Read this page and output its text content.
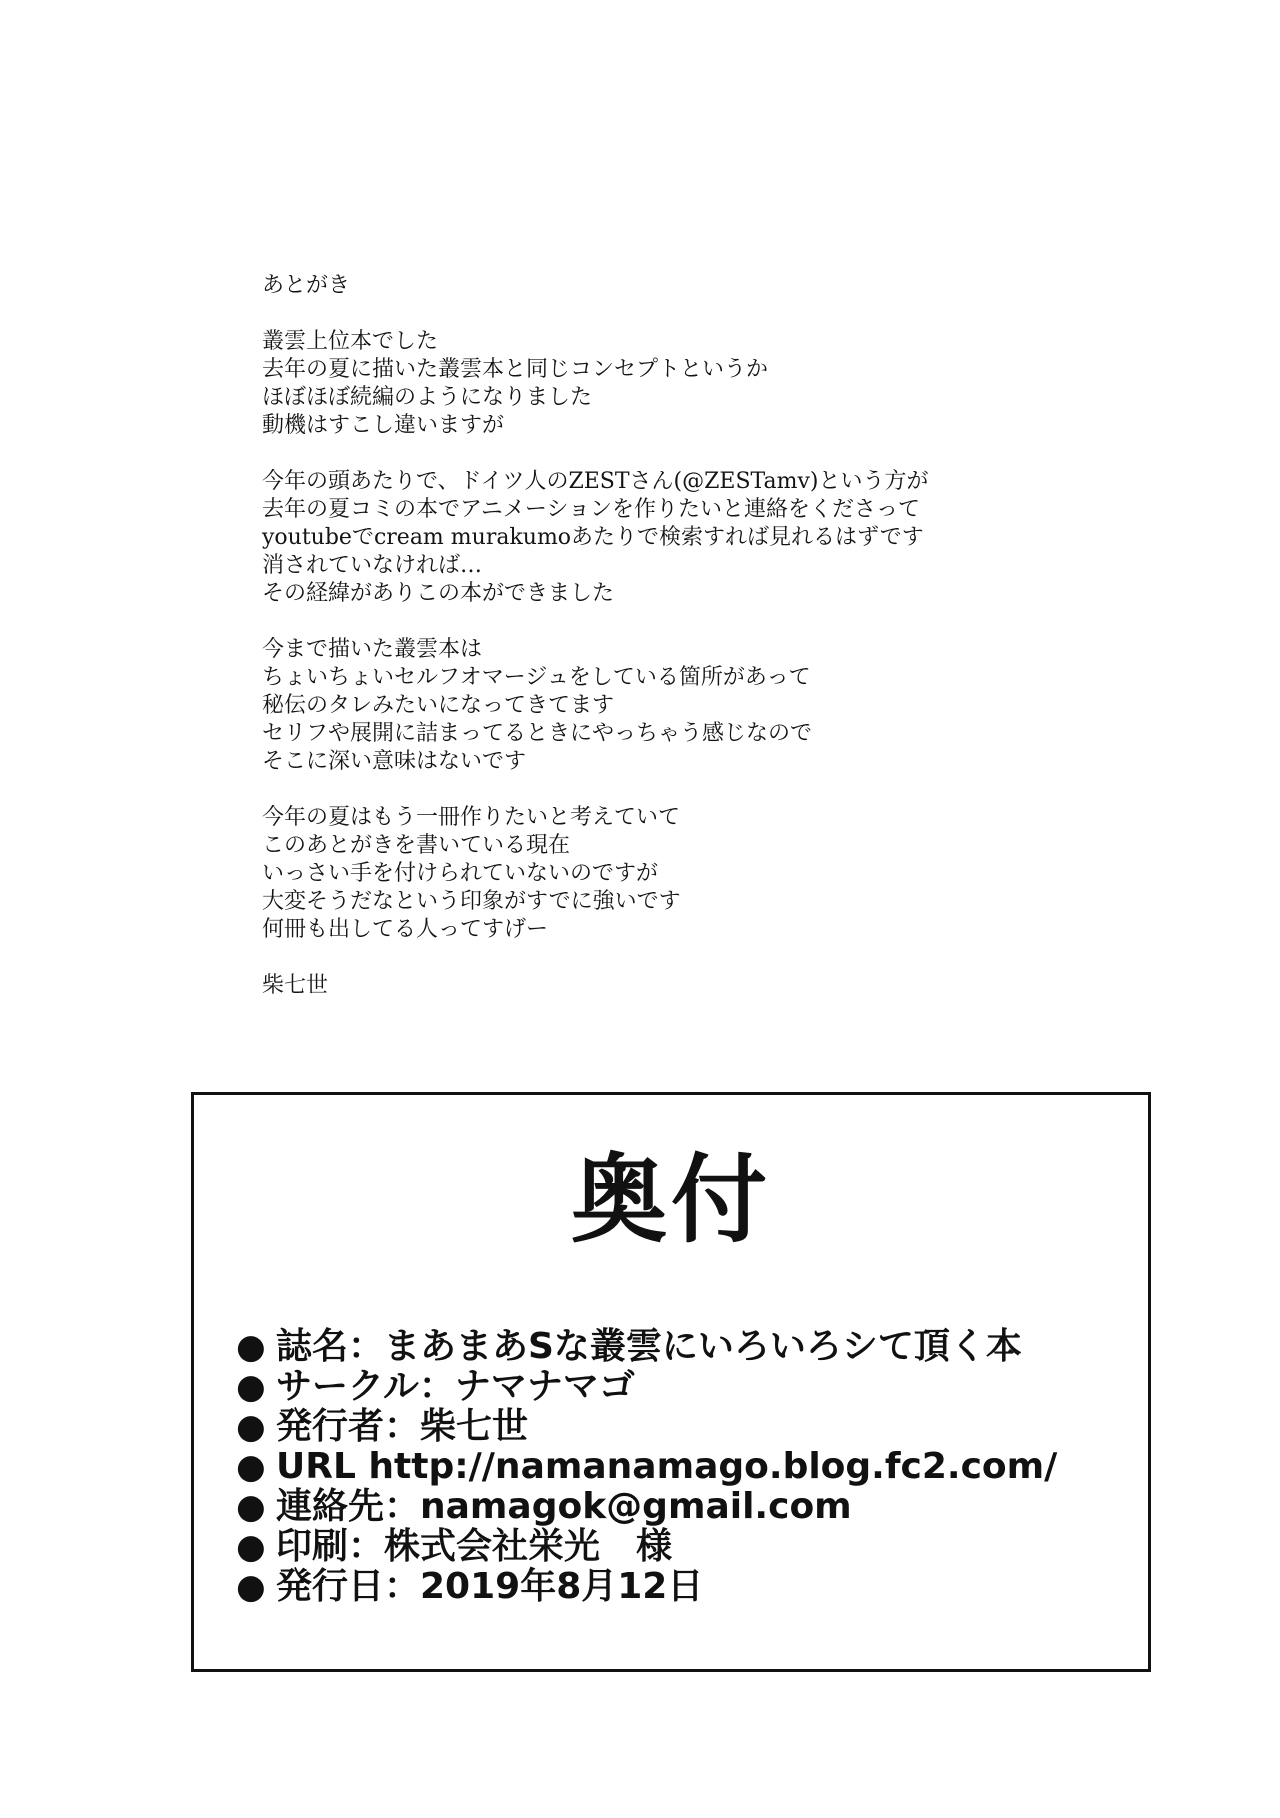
あとがき
叢雲上位本でした
去年の夏に描いた叢雲本と同じコンセプトというか
ほぼほぼ続編のようになりました
動機はすこし違いますが
今年の頭あたりで、ドイツ人のZESTさん(@ZESTamv)という方が
去年の夏コミの本でアニメーションを作りたいと連絡をくださって
youtubeでcream murakumoあたりで検索すれば見れるはずです
消されていなければ…
その経緯がありこの本ができました
今まで描いた叢雲本は
ちょいちょいセルフオマージュをしている箇所があって
秘伝のタレみたいになってきてます
セリフや展開に詰まってるときにやっちゃう感じなので
そこに深い意味はないです
今年の夏はもう一冊作りたいと考えていて
このあとがきを書いている現在
いっさい手を付けられていないのですが
大変そうだなという印象がすでに強いです
何冊も出してる人ってすげー
柴七世
奥付
● 誌名：まあまあSな叢雲にいろいろシて頂く本
● サークル：ナマナマゴ
● 発行者：柴七世
● URL http://namanamago.blog.fc2.com/
● 連絡先：namagok@gmail.com
● 印刷：株式会社栄光　様
● 発行日：2019年8月12日
